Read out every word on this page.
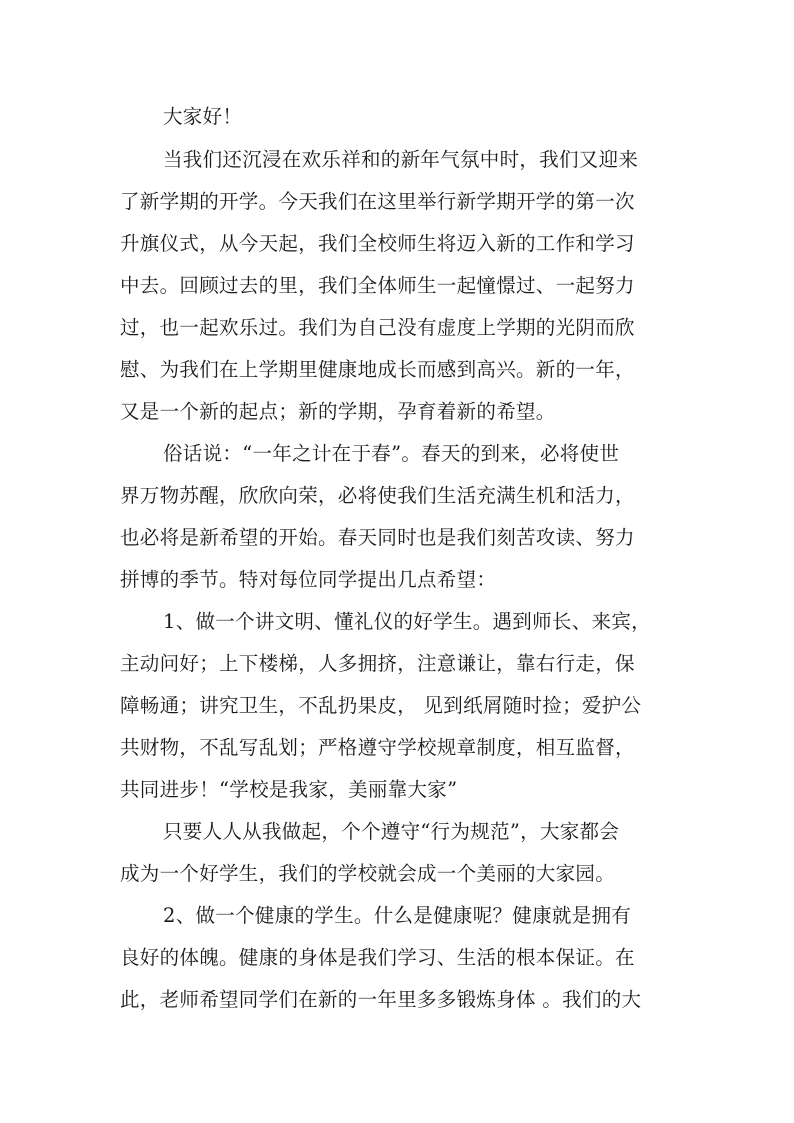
大家好！
当我们还沉浸在欢乐祥和的新年气氛中时，我们又迎来
了新学期的开学。今天我们在这里举行新学期开学的第一次
升旗仪式，从今天起，我们全校师生将迈入新的工作和学习
中去。回顾过去的里，我们全体师生一起憧憬过、一起努力
过，也一起欢乐过。我们为自己没有虚度上学期的光阴而欣
慰、为我们在上学期里健康地成长而感到高兴。新的一年，
又是一个新的起点；新的学期，孕育着新的希望。
俗话说：“一年之计在于春”。春天的到来，必将使世
界万物苏醒，欣欣向荣，必将使我们生活充满生机和活力，
也必将是新希望的开始。春天同时也是我们刻苦攻读、努力
拼博的季节。特对每位同学提出几点希望：
1、做一个讲文明、懂礼仪的好学生。遇到师长、来宾，
主动问好；上下楼梯，人多拥挤，注意谦让，靠右行走，保
障畅通；讲究卫生，不乱扔果皮， 见到纸屑随时捡；爱护公
共财物，不乱写乱划；严格遵守学校规章制度，相互监督，
共同进步！“学校是我家，美丽靠大家”
只要人人从我做起，个个遵守“行为规范”，大家都会
成为一个好学生，我们的学校就会成一个美丽的大家园。
2、做一个健康的学生。什么是健康呢？健康就是拥有
良好的体魄。健康的身体是我们学习、生活的根本保证。在
此，老师希望同学们在新的一年里多多锻炼身体 。我们的大
